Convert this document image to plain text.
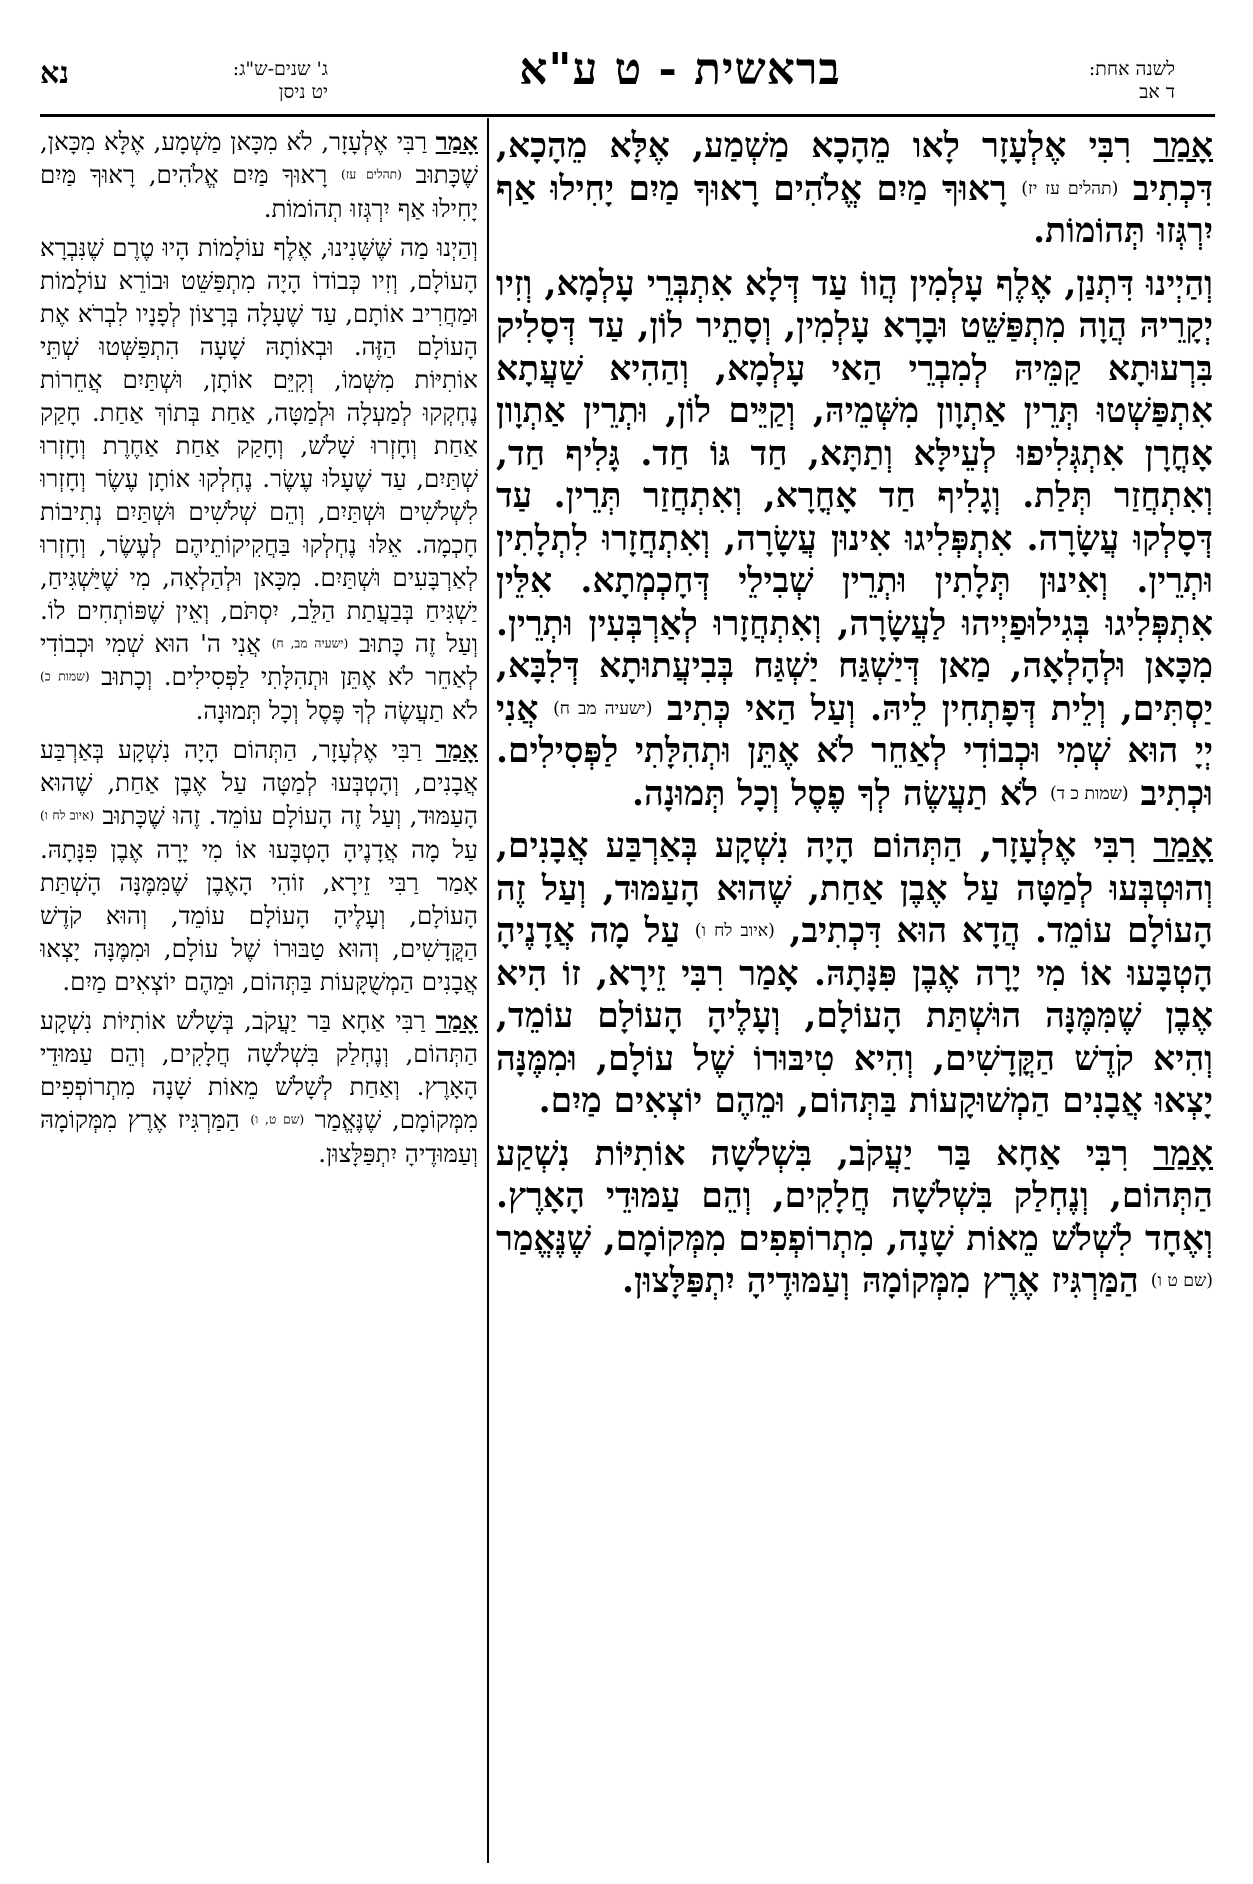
לשנה אחת:
ד אב
בראשית - ט ע"א
ג' שנים-ש"ג:
יט ניסן
נא

אָמַר רִבִּי אֶלְעָזָר לָאו מֵהָכָא מַשְׁמַע, אֶלָּא מֵהָכָא, דִּכְתִיב (תהלים עז יז) רָאוּךָ מַיִם אֱלֹהִים רָאוּךָ מַיִם יָחִילוּ אַף יִרְגְּזוּ תְּהוֹמוֹת.

וְהַיְינוּ דִּתְנַן, אֶלֶף עָלְמִין הֲווֹ עַד דְּלָא אִתְבְּרֵי עָלְמָא, וְזִיו יְקָרֵיהּ הֲוָה מִתְפַּשֵּׁט וּבָרָא עָלְמִין, וְסָתֵיר לוֹן, עַד דְּסָלִיק בִּרְעוּתָא קַמֵּיהּ לְמִבְרֵי הַאי עָלְמָא, וְהַהִיא שַׁעֲתָא אִתְפַּשְׁטוּ תְּרֵין אַתְוָון מִשְּׁמֵיהּ, וְקַיֵּים לוֹן, וּתְרֵין אַתְוָון אָחֳרָן אִתְגְּלִיפוּ לְעֵילָּא וְתַתָּא, חַד גּוֹ חַד. גָּלִיף חַד, וְאִתְחֲזַר תְּלַת. וְגָלִיף חַד אָחֳרָא, וְאִתְחֲזַר תְּרֵין. עַד דְּסָלְקוּ עֲשָׂרָה. אִתְפְּלִיגוּ אִינוּן עֲשָׂרָה, וְאִתְחֲזָרוּ לִתְלָתִין וּתְרֵין. וְאִינוּן תְּלָתִין וּתְרֵין שְׁבִילֵי דְּחָכְמְתָא. אִלֵּין אִתְפְּלִיגוּ בְּגִילוּפַיְיהוּ לַעֲשָׂרָה, וְאִתְחֲזָרוּ לְאַרְבְּעִין וּתְרֵין. מִכָּאן וּלְהָלְאָה, מַאן דְּיַשְׁגַּח יַשְׁגַּח בְּבִיעֲתוּתָא דְּלִבָּא, יַסְתִּים, וְלֵית דְּפָתְחִין לֵיהּ. וְעַל הַאי כְּתִיב (ישעיה מב ח) אֲנִי יְיָ הוּא שְׁמִי וּכְבוֹדִי לְאַחֵר לֹא אֶתֵּן וּתְהִלָּתִי לַפְּסִילִים. וּכְתִיב (שמות כ ד) לֹא תַעֲשֶׂה לְךָ פֶסֶל וְכָל תְּמוּנָה.

אָמַר רִבִּי אֶלְעָזָר, הַתְּהוֹם הָיָה נִשְׁקָע בְּאַרְבַּע אֲבָנִים, וְהוּטְבְּעוּ לְמַטָּה עַל אֶבֶן אַחַת, שֶׁהוּא הָעַמּוּד, וְעַל זֶה הָעוֹלָם עוֹמֵד. הֲדָא הוּא דִּכְתִיב, (איוב לח ו) עַל מָה אֲדָנֶיהָ הָטְבָּעוּ אוֹ מִי יָרָה אֶבֶן פִּנָּתָהּ. אָמַר רִבִּי זֵירָא, זוֹ הִיא אֶבֶן שֶׁמִּמֶּנָּה הוּשְׁתַּת הָעוֹלָם, וְעָלֶיהָ הָעוֹלָם עוֹמֵד, וְהִיא קֹדֶשׁ הַקֳּדָשִׁים, וְהִיא טִיבּוּרוֹ שֶׁל עוֹלָם, וּמִמֶּנָּה יָצְאוּ אֲבָנִים הַמְשׁוּקָעוֹת בַּתְּהוֹם, וּמֵהֶם יוֹצְאִים מַיִם.

אָמַר רִבִּי אַחָא בַּר יַעֲקֹב, בִּשְׁלשָׁה אוֹתִיּוֹת נִשְׁקַע הַתְּהוֹם, וְנֶחְלַק בִּשְׁלשָׁה חֲלָקִים, וְהֵם עַמּוּדֵי הָאָרֶץ. וְאֶחָד לִשְׁלֹשׁ מֵאוֹת שָׁנָה, מִתְרוֹפְפִים מִמְּקוֹמָם, שֶׁנֶּאֱמַר (שם ט ו) הַמַּרְגִּיז אֶרֶץ מִמְּקוֹמָהּ וְעַמּוּדֶיהָ יִתְפַּלָּצוּן.

אָמַר רַבִּי אֶלְעָזָר, לֹא מִכָּאן מַשְׁמָע, אֶלָּא מִכָּאן, שֶׁכָּתוּב (תהלים עז) רָאוּךָ מַּיִם אֱלֹהִים, רָאוּךָ מַּיִם יָחִילוּ אַף יִרְגְּזוּ תְהוֹמוֹת.

וְהַיְנוּ מַה שֶּׁשָּׁנִינוּ, אֶלֶף עוֹלָמוֹת הָיוּ טֶרֶם שֶׁנִּבְרָא הָעוֹלָם, וְזִיו כְּבוֹדוֹ הָיָה מִתְפַּשֵּׁט וּבוֹרֵא עוֹלָמוֹת וּמַחֲרִיב אוֹתָם, עַד שֶׁעָלָה בְּרָצוֹן לְפָנָיו לִבְרֹא אֶת הָעוֹלָם הַזֶּה. וּבְאוֹתָהּ שָׁעָה הִתְפַּשְּׁטוּ שְׁתֵּי אוֹתִיּוֹת מִשְּׁמוֹ, וְקִיֵּם אוֹתָן, וּשְׁתַּיִם אֲחֵרוֹת נֶחְקְקוּ לְמַעְלָה וּלְמַטָּה, אַחַת בְּתוֹךְ אַחַת. חָקַק אַחַת וְחָזְרוּ שָׁלֹשׁ, וְחָקַק אַחַת אַחֶרֶת וְחָזְרוּ שְׁתַּיִם, עַד שֶׁעָלוּ עֶשֶׂר. נֶחְלְקוּ אוֹתָן עֶשֶׂר וְחָזְרוּ לִשְׁלֹשִׁים וּשְׁתַּיִם, וְהֵם שְׁלֹשִׁים וּשְׁתַּיִם נְתִיבוֹת חָכְמָה. אֵלּוּ נֶחְלְקוּ בַּחֲקִיקוֹתֵיהֶם לְעֶשֶׂר, וְחָזְרוּ לְאַרְבָּעִים וּשְׁתַּיִם. מִכָּאן וּלְהַלְאָה, מִי שֶׁיַּשְׁגִּיחַ, יַשְׁגִּיחַ בְּבַעֲתַת הַלֵּב, יִסְתֹּם, וְאֵין שֶׁפּוֹתְחִים לוֹ. וְעַל זֶה כָּתוּב (ישעיה מב, ח) אֲנִי ה' הוּא שְׁמִי וּכְבוֹדִי לְאַחֵר לֹא אֶתֵּן וּתְהִלָּתִי לַפְּסִילִים. וְכָתוּב (שמות כ) לֹא תַעֲשֶׂה לְךָ פֶּסֶל וְכָל תְּמוּנָה.

אָמַר רַבִּי אֶלְעָזָר, הַתְּהוֹם הָיָה נִשְׁקָע בְּאַרְבַּע אֲבָנִים, וְהָטְבְּעוּ לְמַטָּה עַל אֶבֶן אַחַת, שֶׁהוּא הָעַמּוּד, וְעַל זֶה הָעוֹלָם עוֹמֵד. זֶהוּ שֶׁכָּתוּב (איוב לח ו) עַל מָה אֲדָנֶיהָ הָטְבָּעוּ אוֹ מִי יָרָה אֶבֶן פִּנָּתָהּ. אָמַר רַבִּי זֵירָא, זוֹהִי הָאֶבֶן שֶׁמִּמֶּנָּה הָשְׁתַּת הָעוֹלָם, וְעָלֶיהָ הָעוֹלָם עוֹמֵד, וְהוּא קֹדֶשׁ הַקֳּדָשִׁים, וְהוּא טַבּוּרוֹ שֶׁל עוֹלָם, וּמִמֶּנָּה יָצְאוּ אֲבָנִים הַמְשֻׁקָּעוֹת בַּתְּהוֹם, וּמֵהֶם יוֹצְאִים מַיִם.

אָמַר רַבִּי אַחָא בַּר יַעֲקֹב, בְּשָׁלֹשׁ אוֹתִיּוֹת נִשְׁקָע הַתְּהוֹם, וְנֶחְלַק בִּשְׁלֹשָׁה חֲלָקִים, וְהֵם עַמּוּדֵי הָאָרֶץ. וְאַחַת לְשָׁלֹשׁ מֵאוֹת שָׁנָה מִתְרוֹפְפִים מִמְּקוֹמָם, שֶׁנֶּאֱמַר (שם ט, ו) הַמַּרְגִּיז אֶרֶץ מִמְּקוֹמָהּ וְעַמּוּדֶיהָ יִתְפַּלָּצוּן.
